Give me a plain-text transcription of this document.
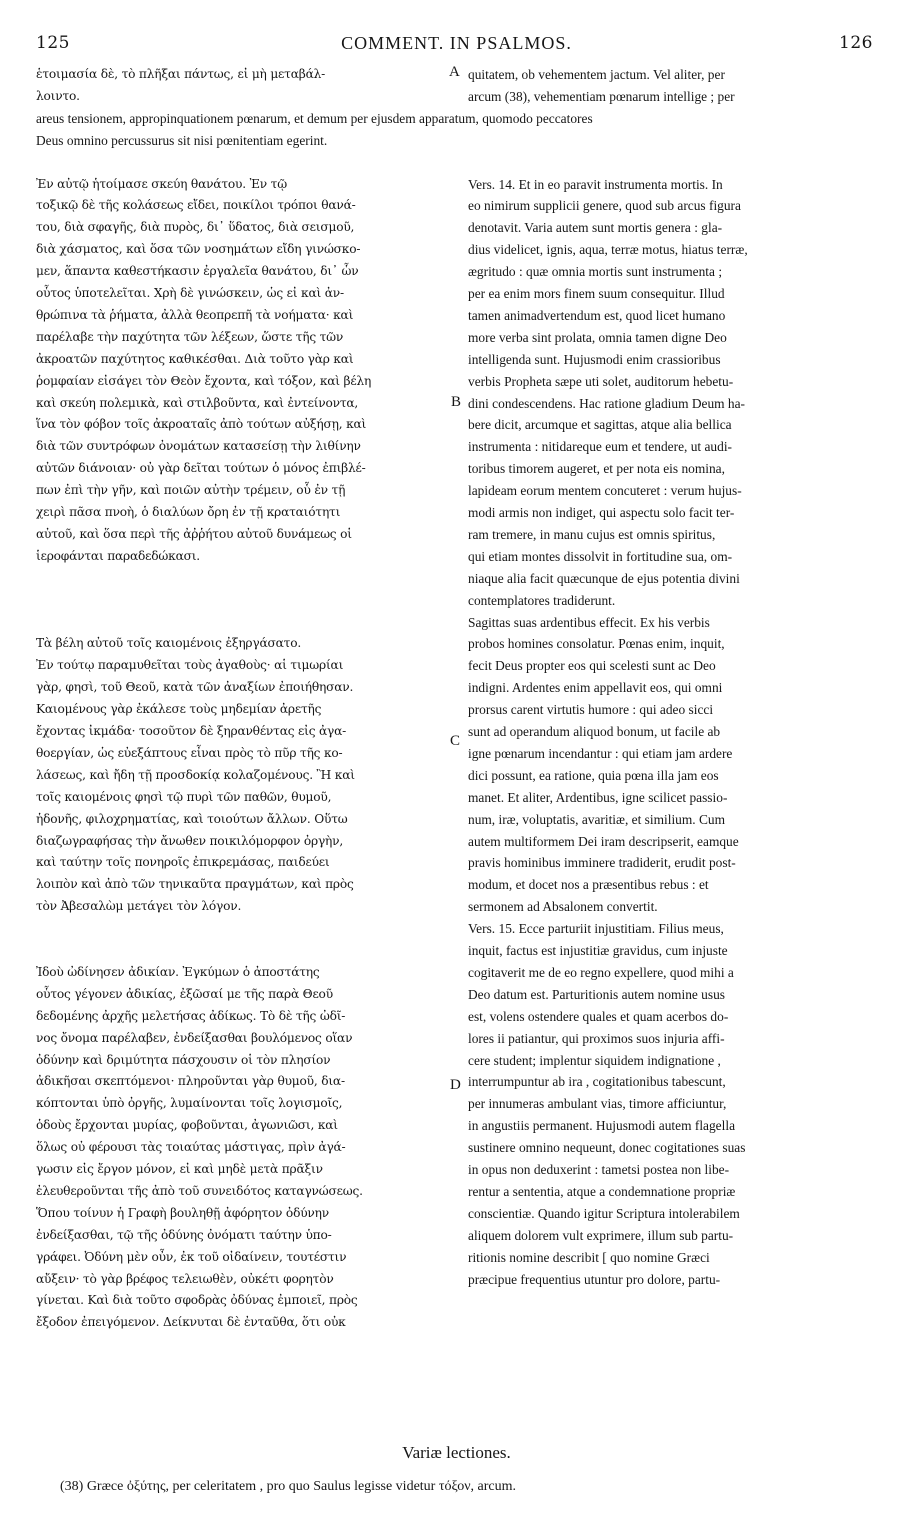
125	COMMENT. IN PSALMOS.	126
ἑτοιμασία δὲ, τὸ πλῆξαι πάντως, εἰ μὴ μεταβάλ-
λοιντο.
Ἐν αὐτῷ ἡτοίμασε σκεύη θανάτου. Ἐν τῷ
τοξικῷ δὲ τῆς κολάσεως εἴδει, ποικίλοι τρόποι θανά-
του, διὰ σφαγῆς, διὰ πυρὸς, δι᾽ ὕδατος, διὰ σεισμοῦ,
διὰ χάσματος, καὶ ὅσα τῶν νοσημάτων εἴδη γινώσκο-
μεν, ἅπαντα καθεστήκασιν ἐργαλεῖα θανάτου, δι᾽ ὧν
οὗτος ὑποτελεῖται. Χρὴ δὲ γινώσκειν, ὡς εἰ καὶ ἀν-
θρώπινα τὰ ῥήματα, ἀλλὰ θεοπρεπῆ τὰ νοήματα· καὶ
παρέλαβε τὴν παχύτητα τῶν λέξεων, ὥστε τῆς τῶν
ἀκροατῶν παχύτητος καθικέσθαι. Διὰ τοῦτο γὰρ καὶ
ῥομφαίαν εἰσάγει τὸν Θεὸν ἔχοντα, καὶ τόξον, καὶ βέλη
καὶ σκεύη πολεμικὰ, καὶ στιλβοῦντα, καὶ ἐντείνοντα,
ἵνα τὸν φόβον τοῖς ἀκροαταῖς ἀπὸ τούτων αὐξήσῃ, καὶ
διὰ τῶν συντρόφων ὀνομάτων κατασείσῃ τὴν λιθίνην
αὐτῶν διάνοιαν· οὐ γὰρ δεῖται τούτων ὁ μόνος ἐπιβλέ-
πων ἐπὶ τὴν γῆν, καὶ ποιῶν αὐτὴν τρέμειν, οὗ ἐν τῇ
χειρὶ πᾶσα πνοὴ, ὁ διαλύων ὄρη ἐν τῇ κραταιότητι
αὐτοῦ, καὶ ὅσα περὶ τῆς ἀῤῥήτου αὐτοῦ δυνάμεως οἱ
ἱεροφάνται παραδεδώκασι.
Τὰ βέλη αὐτοῦ τοῖς καιομένοις ἐξηργάσατο.
Ἐν τούτῳ παραμυθεῖται τοὺς ἀγαθοὺς· αἱ τιμωρίαι
γὰρ, φησὶ, τοῦ Θεοῦ, κατὰ τῶν ἀναξίων ἐποιήθησαν.
Καιομένους γὰρ ἐκάλεσε τοὺς μηδεμίαν ἀρετῆς
ἔχοντας ἰκμάδα· τοσοῦτον δὲ ξηρανθέντας εἰς ἀγα-
θοεργίαν, ὡς εὐεξάπτους εἶναι πρὸς τὸ πῦρ τῆς κο-
λάσεως, καὶ ἤδη τῇ προσδοκίᾳ κολαζομένους. Ἢ καὶ
τοῖς καιομένοις φησὶ τῷ πυρὶ τῶν παθῶν, θυμοῦ,
ἡδονῆς, φιλοχρηματίας, καὶ τοιούτων ἄλλων. Οὕτω
διαζωγραφήσας τὴν ἄνωθεν ποικιλόμορφον ὀργὴν,
καὶ ταύτην τοῖς πονηροῖς ἐπικρεμάσας, παιδεύει
λοιπὸν καὶ ἀπὸ τῶν τηνικαῦτα πραγμάτων, καὶ πρὸς
τὸν Ἀβεσαλὼμ μετάγει τὸν λόγον.
Ἰδοὺ ὠδίνησεν ἀδικίαν. Ἐγκύμων ὁ ἀποστάτης
οὗτος γέγονεν ἀδικίας, ἐξῶσαί με τῆς παρὰ Θεοῦ
δεδομένης ἀρχῆς μελετήσας ἀδίκως. Τὸ δὲ τῆς ὠδῖ-
νος ὄνομα παρέλαβεν, ἐνδείξασθαι βουλόμενος οἵαν
ὀδύνην καὶ δριμύτητα πάσχουσιν οἱ τὸν πλησίον
ἀδικῆσαι σκεπτόμενοι· πληροῦνται γὰρ θυμοῦ, δια-
κόπτονται ὑπὸ ὀργῆς, λυμαίνονται τοῖς λογισμοῖς,
ὁδοὺς ἔρχονται μυρίας, φοβοῦνται, ἀγωνιῶσι, καὶ
ὅλως οὐ φέρουσι τὰς τοιαύτας μάστιγας, πρὶν ἀγά-
γωσιν εἰς ἔργον μόνον, εἰ καὶ μηδὲ μετὰ πρᾶξιν
ἐλευθεροῦνται τῆς ἀπὸ τοῦ συνειδότος καταγνώσεως.
Ὅπου τοίνυν ἡ Γραφὴ βουληθῇ ἀφόρητον ὀδύνην
ἐνδείξασθαι, τῷ τῆς ὀδύνης ὀνόματι ταύτην ὑπο-
γράφει. Ὀδύνη μὲν οὖν, ἐκ τοῦ οἰδαίνειν, τουτέστιν
αὔξειν· τὸ γὰρ βρέφος τελειωθὲν, οὐκέτι φορητὸν
γίνεται. Καὶ διὰ τοῦτο σφοδρὰς ὀδύνας ἐμποιεῖ, πρὸς
ἔξοδον ἐπειγόμενον. Δείκνυται δὲ ἐνταῦθα, ὅτι οὐκ
quitatem, ob vehementem jactum. Vel aliter, per
arcum (38), vehementiam pœnarum intellige ; per
Vers. 14. Et in eo paravit instrumenta mortis. In
eo nimirum supplicii genere, quod sub arcus figura
denotavit. Varia autem sunt mortis genera : gla-
dius videlicet, ignis, aqua, terræ motus, hiatus terræ,
ægritudo : quæ omnia mortis sunt instrumenta ;
per ea enim mors finem suum consequitur. Illud
tamen animadvertendum est, quod licet humano
more verba sint prolata, omnia tamen digne Deo
intelligenda sunt. Hujusmodi enim crassioribus
verbis Propheta sæpe uti solet, auditorum hebetu-
dini condescendens. Hac ratione gladium Deum ha-
bere dicit, arcumque et sagittas, atque alia bellica
instrumenta : nitidareque eum et tendere, ut audi-
toribus timorem augeret, et per nota eis nomina,
lapideam eorum mentem concuteret : verum hujus-
modi armis non indiget, qui aspectu solo facit ter-
ram tremere, in manu cujus est omnis spiritus,
qui etiam montes dissolvit in fortitudine sua, om-
niaque alia facit quæcunque de ejus potentia divini
contemplatores tradiderunt.
Sagittas suas ardentibus effecit. Ex his verbis
probos homines consolatur. Pœnas enim, inquit,
fecit Deus propter eos qui scelesti sunt ac Deo
indigni. Ardentes enim appellavit eos, qui omni
prorsus carent virtutis humore : qui adeo sicci
sunt ad operandum aliquod bonum, ut facile ab
igne pœnarum incendantur : qui etiam jam ardere
dici possunt, ea ratione, quia pœna illa jam eos
manet. Et aliter, Ardentibus, igne scilicet passio-
num, iræ, voluptatis, avaritiæ, et similium. Cum
autem multiformem Dei iram descripserit, eamque
pravis hominibus imminere tradiderit, erudit post-
modum, et docet nos a præsentibus rebus : et
sermonem ad Absalonem convertit.
Vers. 15. Ecce parturiit injustitiam. Filius meus,
inquit, factus est injustitiæ gravidus, cum injuste
cogitaverit me de eo regno expellere, quod mihi a
Deo datum est. Parturitionis autem nomine usus
est, volens ostendere quales et quam acerbos do-
lores ii patiantur, qui proximos suos injuria affi-
cere student; implentur siquidem indignatione ,
interrumpuntur ab ira , cogitationibus tabescunt,
per innumeras ambulant vias, timore afficiuntur,
in angustiis permanent. Hujusmodi autem flagella
sustinere omnino nequeunt, donec cogitationes suas
in opus non deduxerint : tametsi postea non libe-
rentur a sententia, atque a condemnatione propriæ
conscientiæ. Quando igitur Scriptura intolerabilem
aliquem dolorem vult exprimere, illum sub partu-
ritionis nomine describit [ quo nomine Græci
præcipue frequentius utuntur pro dolore, partu-
areus tensionem, appropinquationem pœnarum, et demum per ejusdem apparatum, quomodo peccatores
Deus omnino percussurus sit nisi pœnitentiam egerint.
A
B
C
D
Variæ lectiones.
(38) Græce ὀξύτης, per celeritatem , pro quo Saulus legisse videtur τόξον, arcum.
